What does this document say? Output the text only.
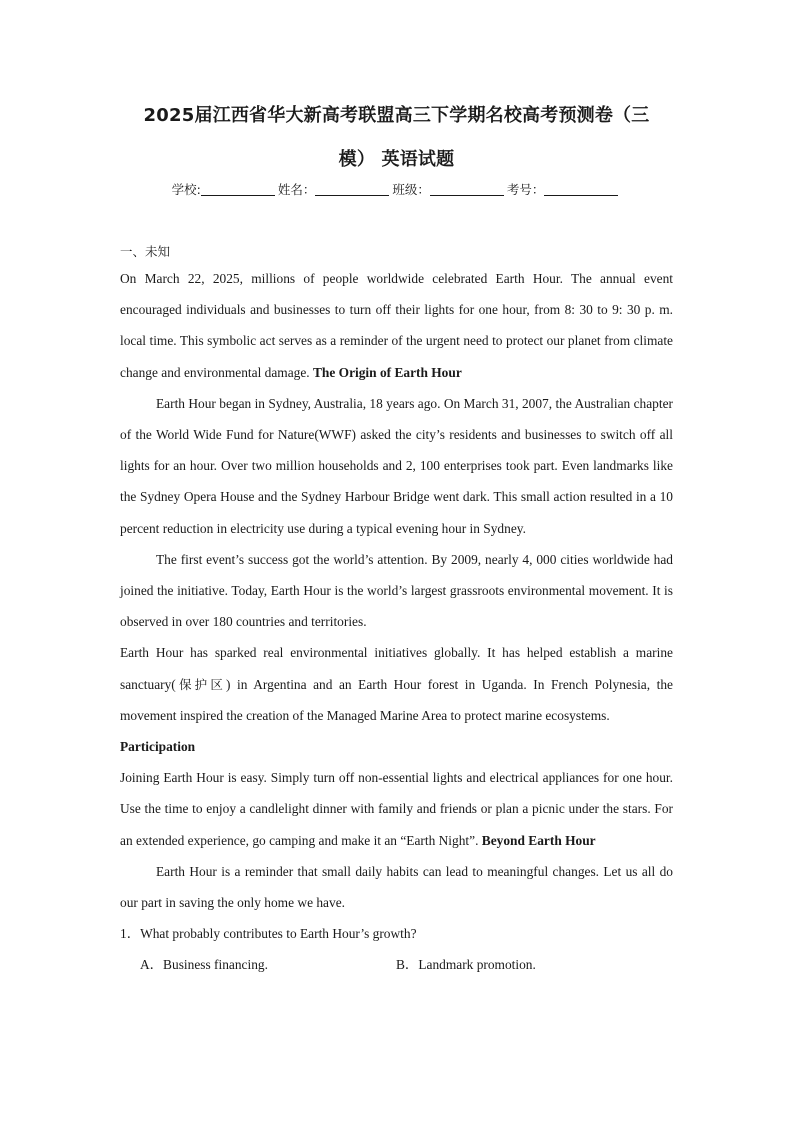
2025届江西省华大新高考联盟高三下学期名校高考预测卷（三
模） 英语试题
学校:	姓名：	班级：	考号：
一、未知

On March 22, 2025, millions of people worldwide celebrated Earth Hour. The annual event encouraged individuals and businesses to turn off their lights for one hour, from 8: 30 to 9: 30 p. m. local time. This symbolic act serves as a reminder of the urgent need to protect our planet from climate change and environmental damage. The Origin of Earth Hour

Earth Hour began in Sydney, Australia, 18 years ago. On March 31, 2007, the Australian chapter of the World Wide Fund for Nature(WWF) asked the city’s residents and businesses to switch off all lights for an hour. Over two million households and 2, 100 enterprises took part. Even landmarks like the Sydney Opera House and the Sydney Harbour Bridge went dark. This small action resulted in a 10 percent reduction in electricity use during a typical evening hour in Sydney.

The first event’s success got the world’s attention. By 2009, nearly 4, 000 cities worldwide had joined the initiative. Today, Earth Hour is the world’s largest grassroots environmental movement. It is observed in over 180 countries and territories.

Earth Hour has sparked real environmental initiatives globally. It has helped establish a marine sanctuary(保护区) in Argentina and an Earth Hour forest in Uganda. In French Polynesia, the movement inspired the creation of the Managed Marine Area to protect marine ecosystems.

Participation

Joining Earth Hour is easy. Simply turn off non-essential lights and electrical appliances for one hour. Use the time to enjoy a candlelight dinner with family and friends or plan a picnic under the stars. For an extended experience, go camping and make it an “Earth Night”. Beyond Earth Hour

Earth Hour is a reminder that small daily habits can lead to meaningful changes. Let us all do our part in saving the only home we have.

1．What probably contributes to Earth Hour’s growth?

A．Business financing.	B．Landmark promotion.
